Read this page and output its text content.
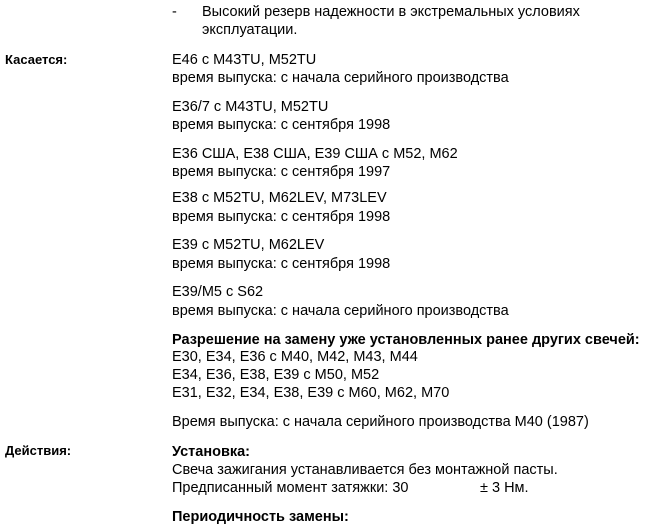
- Высокий резерв надежности в экстремальных условиях
эксплуатации.
Касается:	E46 с M43TU, M52TU
время выпуска: с начала серийного производства
E36/7 с M43TU, M52TU
время выпуска: с сентября 1998
E36 США, E38 США, E39 США с M52, M62
время выпуска: с сентября 1997
E38 с M52TU, M62LEV, M73LEV
время выпуска: с сентября 1998
E39 с M52TU, M62LEV
время выпуска: с сентября 1998
E39/M5 с S62
время выпуска: с начала серийного производства
Разрешение на замену уже установленных ранее других свечей:
E30, E34, E36 с M40, M42, M43, M44
E34, E36, E38, E39 с M50, M52
E31, E32, E34, E38, E39 с M60, M62, M70
Время выпуска: с начала серийного производства M40 (1987)
Действия:	Установка:
Свеча зажигания устанавливается без монтажной пасты.
Предписанный момент затяжки: 30	± 3 Нм.
Периодичность замены:
